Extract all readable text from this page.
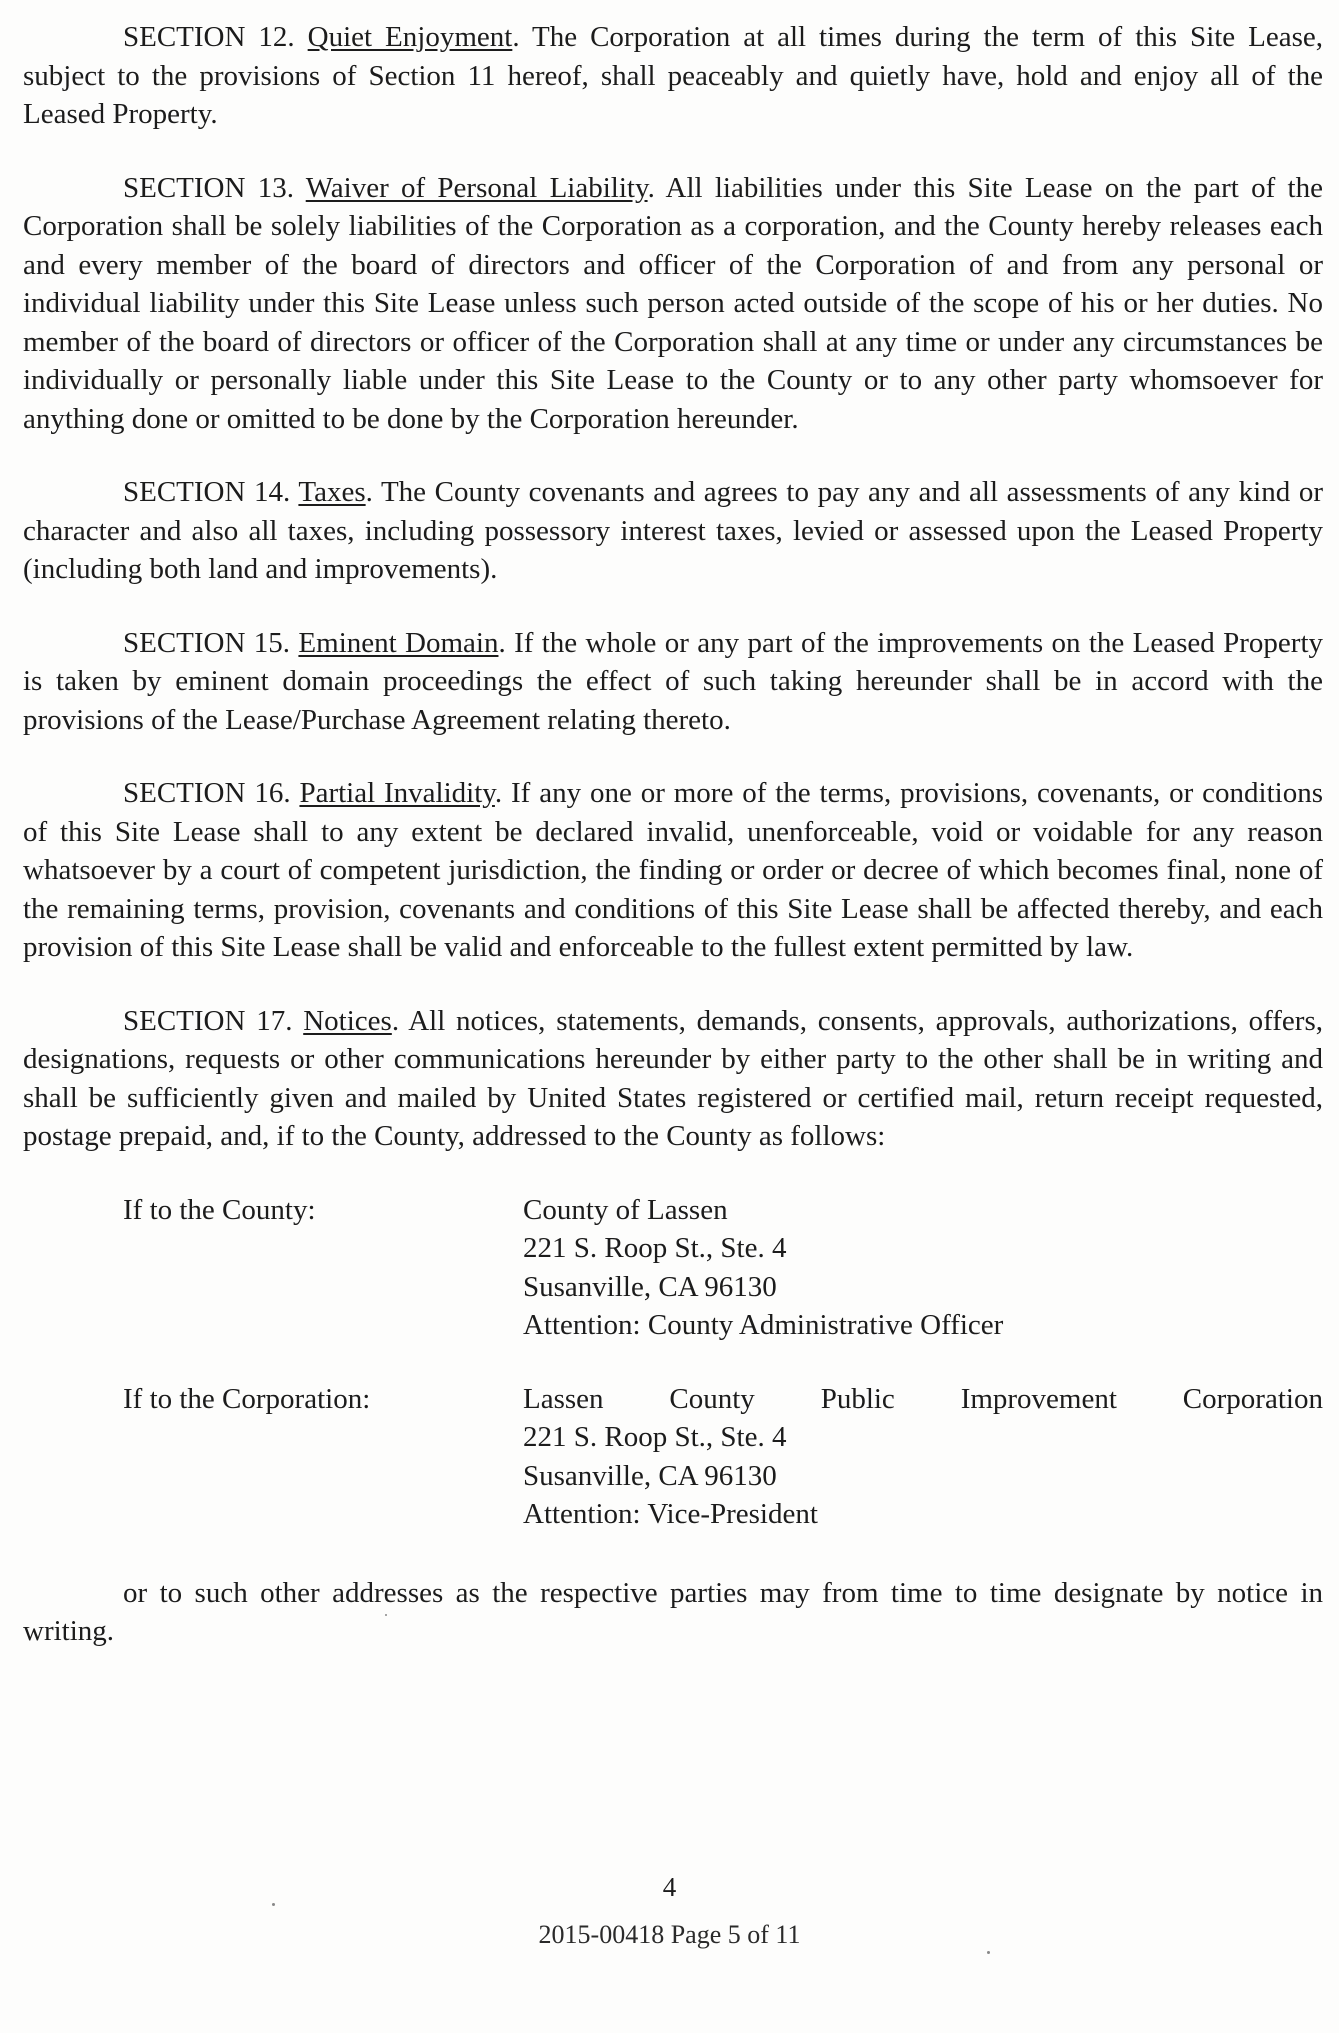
SECTION 12. Quiet Enjoyment. The Corporation at all times during the term of this Site Lease, subject to the provisions of Section 11 hereof, shall peaceably and quietly have, hold and enjoy all of the Leased Property.

SECTION 13. Waiver of Personal Liability. All liabilities under this Site Lease on the part of the Corporation shall be solely liabilities of the Corporation as a corporation, and the County hereby releases each and every member of the board of directors and officer of the Corporation of and from any personal or individual liability under this Site Lease unless such person acted outside of the scope of his or her duties. No member of the board of directors or officer of the Corporation shall at any time or under any circumstances be individually or personally liable under this Site Lease to the County or to any other party whomsoever for anything done or omitted to be done by the Corporation hereunder.

SECTION 14. Taxes. The County covenants and agrees to pay any and all assessments of any kind or character and also all taxes, including possessory interest taxes, levied or assessed upon the Leased Property (including both land and improvements).

SECTION 15. Eminent Domain. If the whole or any part of the improvements on the Leased Property is taken by eminent domain proceedings the effect of such taking hereunder shall be in accord with the provisions of the Lease/Purchase Agreement relating thereto.

SECTION 16. Partial Invalidity. If any one or more of the terms, provisions, covenants, or conditions of this Site Lease shall to any extent be declared invalid, unenforceable, void or voidable for any reason whatsoever by a court of competent jurisdiction, the finding or order or decree of which becomes final, none of the remaining terms, provision, covenants and conditions of this Site Lease shall be affected thereby, and each provision of this Site Lease shall be valid and enforceable to the fullest extent permitted by law.

SECTION 17. Notices. All notices, statements, demands, consents, approvals, authorizations, offers, designations, requests or other communications hereunder by either party to the other shall be in writing and shall be sufficiently given and mailed by United States registered or certified mail, return receipt requested, postage prepaid, and, if to the County, addressed to the County as follows:

If to the County:	County of Lassen
221 S. Roop St., Ste. 4
Susanville, CA 96130
Attention: County Administrative Officer
If to the Corporation:	Lassen County Public Improvement Corporation
221 S. Roop St., Ste. 4
Susanville, CA 96130
Attention: Vice-President

or to such other addresses as the respective parties may from time to time designate by notice in writing.

4
2015-00418 Page 5 of 11
